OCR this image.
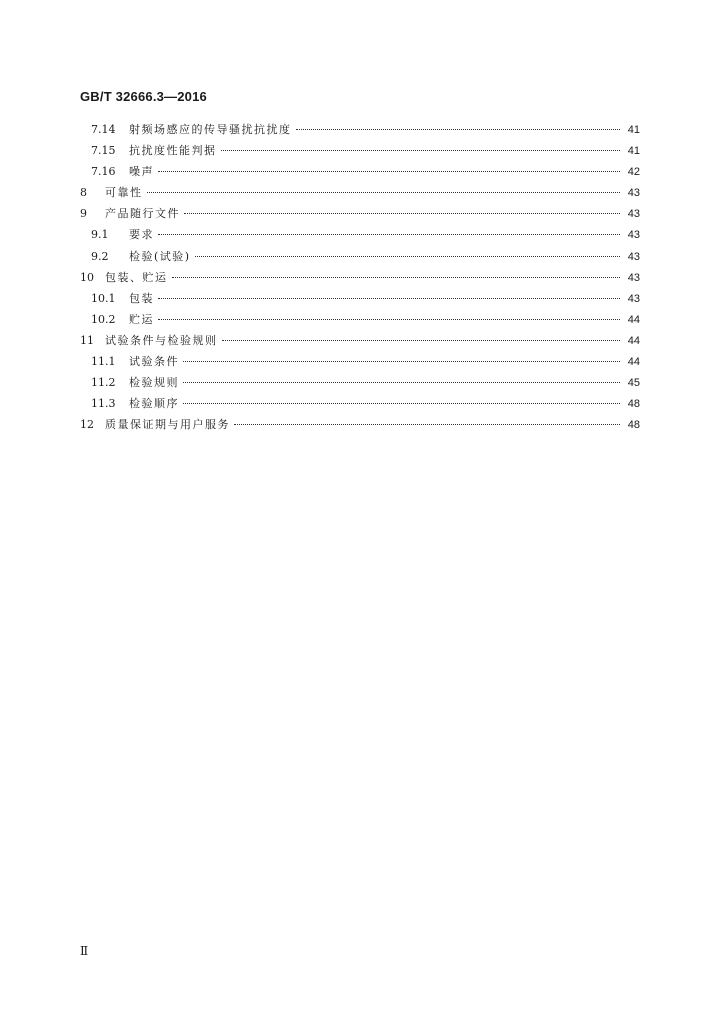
GB/T 32666.3—2016
7.14	射频场感应的传导骚扰抗扰度	41
7.15	抗扰度性能判据	41
7.16	噪声	42
8	可靠性	43
9	产品随行文件	43
9.1	要求	43
9.2	检验(试验)	43
10	包装、贮运	43
10.1	包装	43
10.2	贮运	44
11	试验条件与检验规则	44
11.1	试验条件	44
11.2	检验规则	45
11.3	检验顺序	48
12	质量保证期与用户服务	48
Ⅱ
